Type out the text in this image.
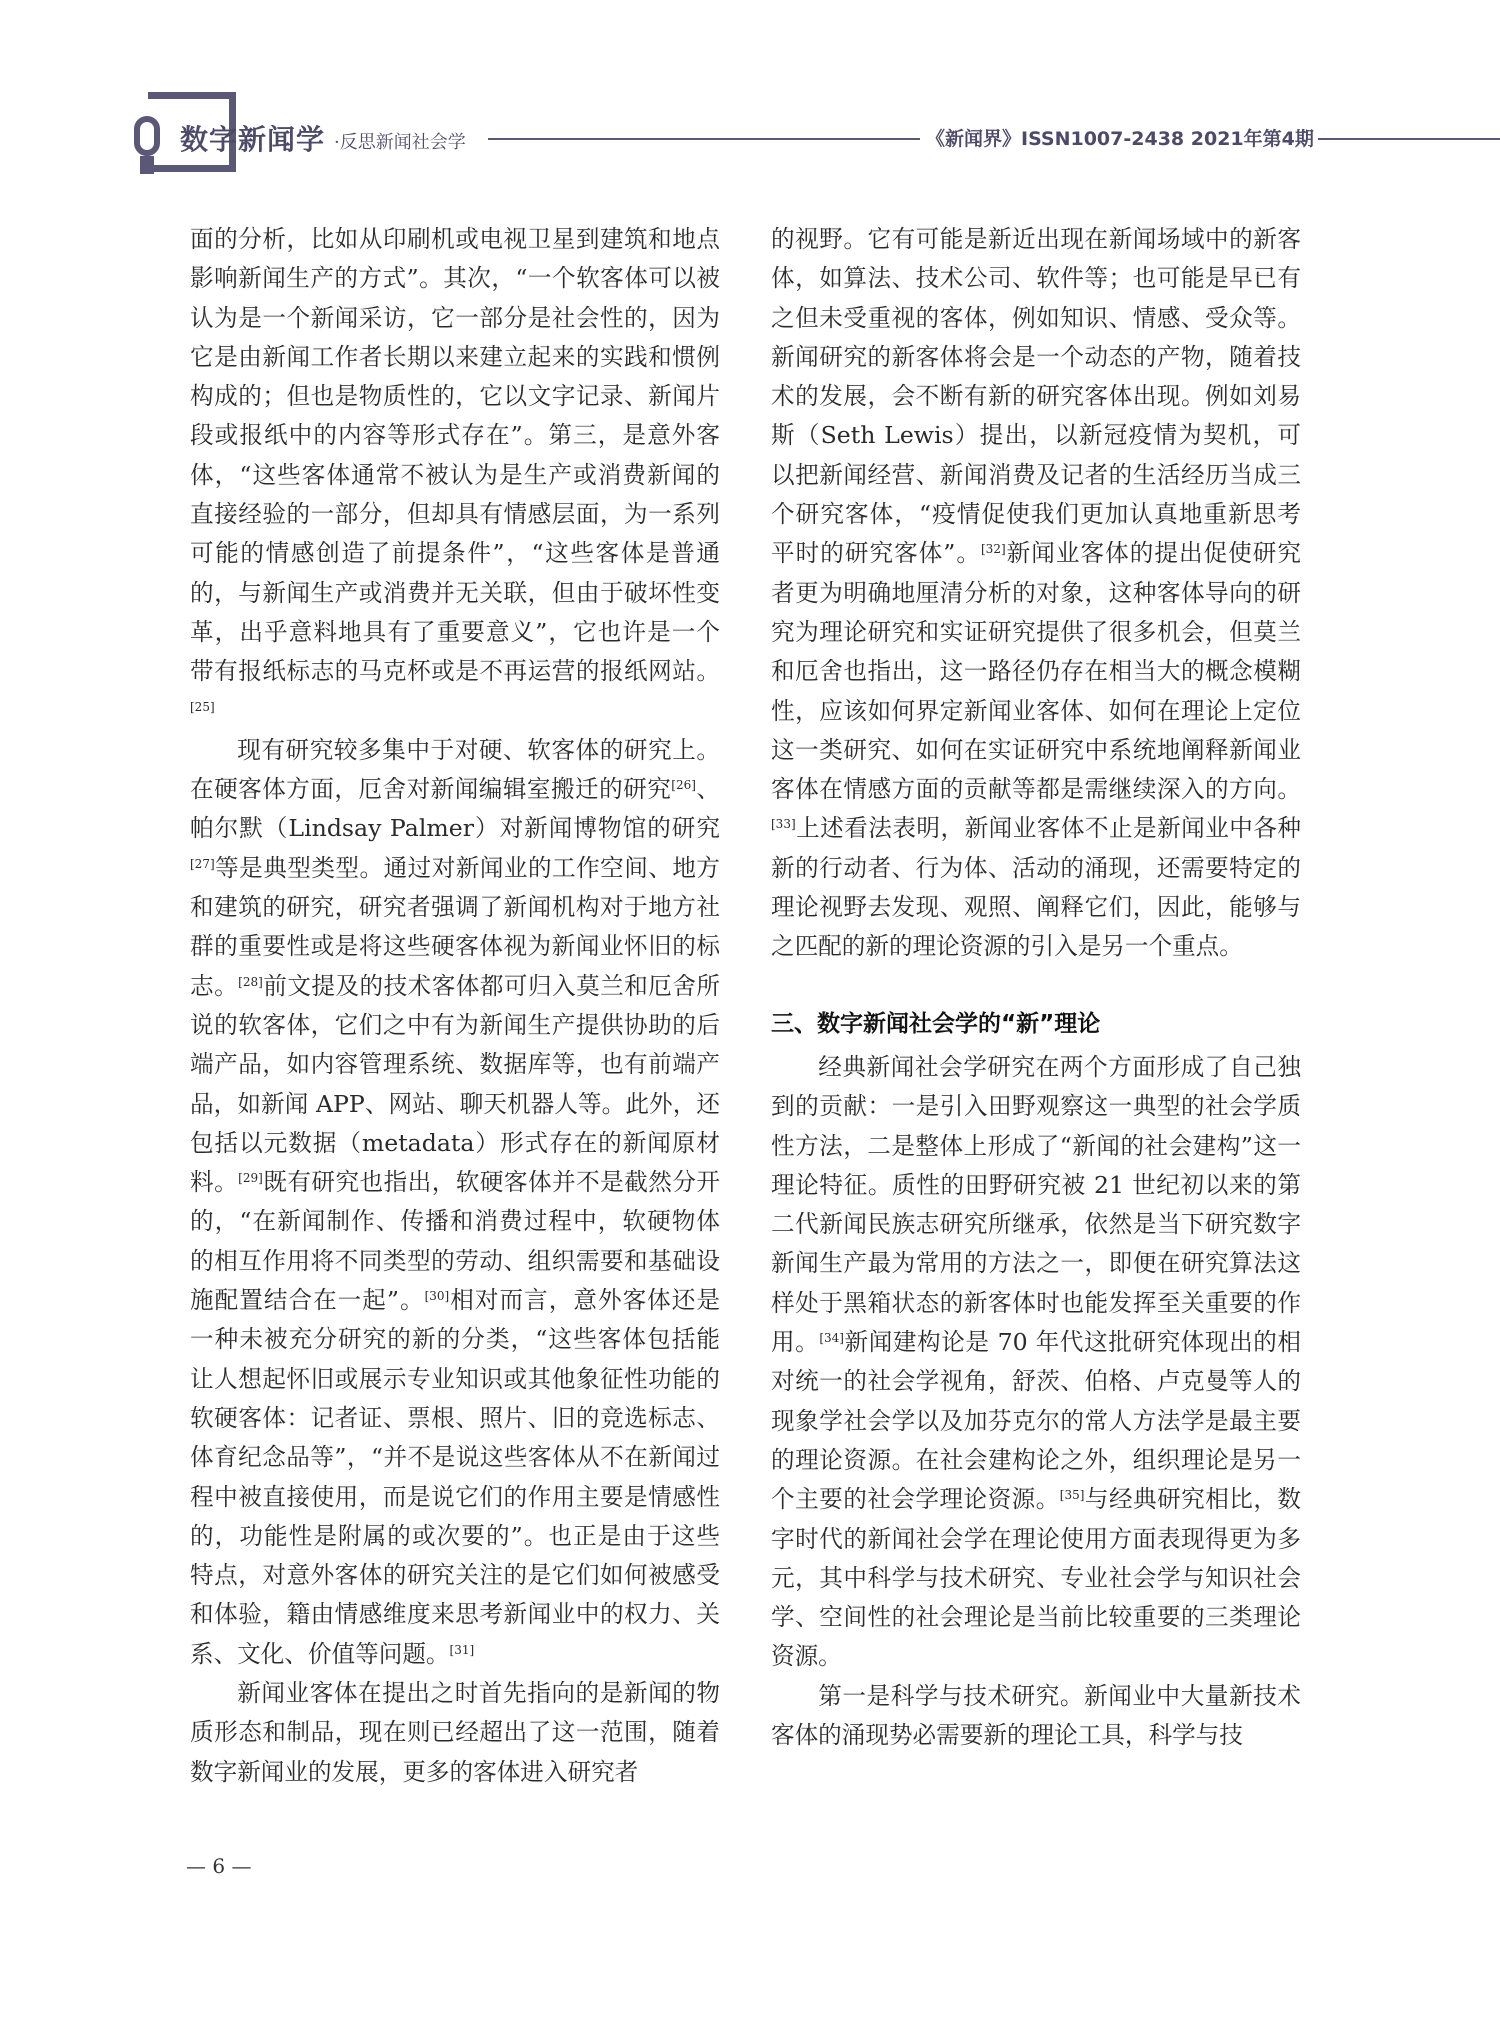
数字新闻学 ·反思新闻社会学	《新闻界》ISSN1007-2438 2021年第4期

面的分析，比如从印刷机或电视卫星到建筑和地点影响新闻生产的方式”。其次，“一个软客体可以被认为是一个新闻采访，它一部分是社会性的，因为它是由新闻工作者长期以来建立起来的实践和惯例构成的；但也是物质性的，它以文字记录、新闻片段或报纸中的内容等形式存在”。第三，是意外客体，“这些客体通常不被认为是生产或消费新闻的直接经验的一部分，但却具有情感层面，为一系列可能的情感创造了前提条件”，“这些客体是普通的，与新闻生产或消费并无关联，但由于破坏性变革，出乎意料地具有了重要意义”，它也许是一个带有报纸标志的马克杯或是不再运营的报纸网站。[25]

现有研究较多集中于对硬、软客体的研究上。在硬客体方面，厄舍对新闻编辑室搬迁的研究[26]、帕尔默（Lindsay Palmer）对新闻博物馆的研究[27]等是典型类型。通过对新闻业的工作空间、地方和建筑的研究，研究者强调了新闻机构对于地方社群的重要性或是将这些硬客体视为新闻业怀旧的标志。[28]前文提及的技术客体都可归入莫兰和厄舍所说的软客体，它们之中有为新闻生产提供协助的后端产品，如内容管理系统、数据库等，也有前端产品，如新闻 APP、网站、聊天机器人等。此外，还包括以元数据（metadata）形式存在的新闻原材料。[29]既有研究也指出，软硬客体并不是截然分开的，“在新闻制作、传播和消费过程中，软硬物体的相互作用将不同类型的劳动、组织需要和基础设施配置结合在一起”。[30]相对而言，意外客体还是一种未被充分研究的新的分类，“这些客体包括能让人想起怀旧或展示专业知识或其他象征性功能的软硬客体：记者证、票根、照片、旧的竞选标志、体育纪念品等”，“并不是说这些客体从不在新闻过程中被直接使用，而是说它们的作用主要是情感性的，功能性是附属的或次要的”。也正是由于这些特点，对意外客体的研究关注的是它们如何被感受和体验，籍由情感维度来思考新闻业中的权力、关系、文化、价值等问题。[31]

新闻业客体在提出之时首先指向的是新闻的物质形态和制品，现在则已经超出了这一范围，随着数字新闻业的发展，更多的客体进入研究者

的视野。它有可能是新近出现在新闻场域中的新客体，如算法、技术公司、软件等；也可能是早已有之但未受重视的客体，例如知识、情感、受众等。新闻研究的新客体将会是一个动态的产物，随着技术的发展，会不断有新的研究客体出现。例如刘易斯（Seth Lewis）提出，以新冠疫情为契机，可以把新闻经营、新闻消费及记者的生活经历当成三个研究客体，“疫情促使我们更加认真地重新思考平时的研究客体”。[32]新闻业客体的提出促使研究者更为明确地厘清分析的对象，这种客体导向的研究为理论研究和实证研究提供了很多机会，但莫兰和厄舍也指出，这一路径仍存在相当大的概念模糊性，应该如何界定新闻业客体、如何在理论上定位这一类研究、如何在实证研究中系统地阐释新闻业客体在情感方面的贡献等都是需继续深入的方向。[33]上述看法表明，新闻业客体不止是新闻业中各种新的行动者、行为体、活动的涌现，还需要特定的理论视野去发现、观照、阐释它们，因此，能够与之匹配的新的理论资源的引入是另一个重点。

三、数字新闻社会学的“新”理论

经典新闻社会学研究在两个方面形成了自己独到的贡献：一是引入田野观察这一典型的社会学质性方法，二是整体上形成了“新闻的社会建构”这一理论特征。质性的田野研究被 21 世纪初以来的第二代新闻民族志研究所继承，依然是当下研究数字新闻生产最为常用的方法之一，即便在研究算法这样处于黑箱状态的新客体时也能发挥至关重要的作用。[34]新闻建构论是 70 年代这批研究体现出的相对统一的社会学视角，舒茨、伯格、卢克曼等人的现象学社会学以及加芬克尔的常人方法学是最主要的理论资源。在社会建构论之外，组织理论是另一个主要的社会学理论资源。[35]与经典研究相比，数字时代的新闻社会学在理论使用方面表现得更为多元，其中科学与技术研究、专业社会学与知识社会学、空间性的社会理论是当前比较重要的三类理论资源。

第一是科学与技术研究。新闻业中大量新技术客体的涌现势必需要新的理论工具，科学与技

— 6 —
